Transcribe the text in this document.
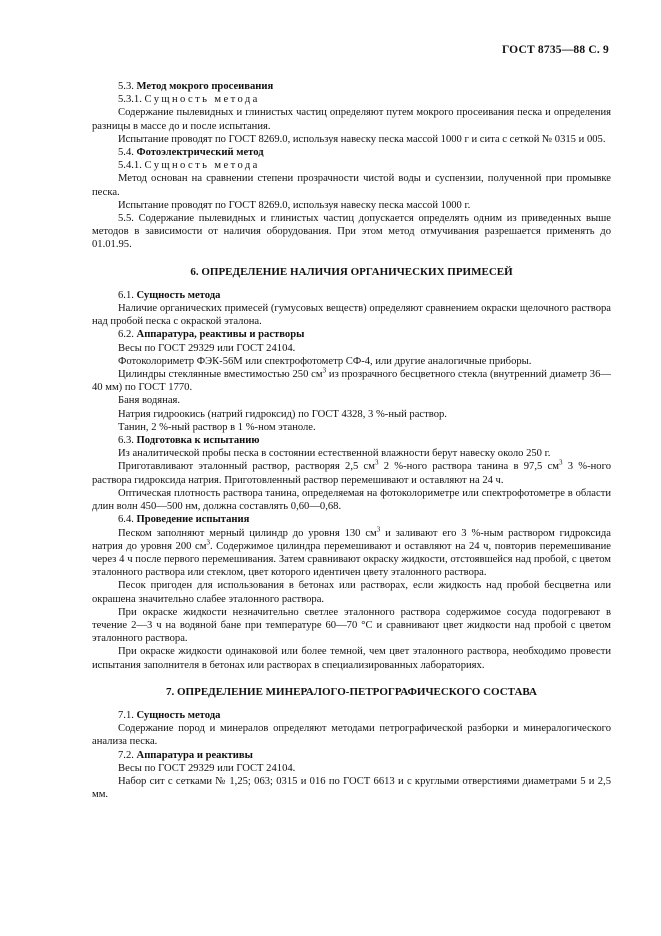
ГОСТ 8735—88 С. 9

5.3. Метод мокрого просеивания

5.3.1. Сущность метода

Содержание пылевидных и глинистых частиц определяют путем мокрого просеивания песка и определения разницы в массе до и после испытания.

Испытание проводят по ГОСТ 8269.0, используя навеску песка массой 1000 г и сита с сеткой № 0315 и 005.

5.4. Фотоэлектрический метод

5.4.1. Сущность метода

Метод основан на сравнении степени прозрачности чистой воды и суспензии, полученной при промывке песка.

Испытание проводят по ГОСТ 8269.0, используя навеску песка массой 1000 г.

5.5. Содержание пылевидных и глинистых частиц допускается определять одним из приведенных выше методов в зависимости от наличия оборудования. При этом метод отмучивания разрешается применять до 01.01.95.

6. ОПРЕДЕЛЕНИЕ НАЛИЧИЯ ОРГАНИЧЕСКИХ ПРИМЕСЕЙ

6.1. Сущность метода

Наличие органических примесей (гумусовых веществ) определяют сравнением окраски щелочного раствора над пробой песка с окраской эталона.

6.2. Аппаратура, реактивы и растворы

Весы по ГОСТ 29329 или ГОСТ 24104.

Фотоколориметр ФЭК-56М или спектрофотометр СФ-4, или другие аналогичные приборы.

Цилиндры стеклянные вместимостью 250 $см^3$ из прозрачного бесцветного стекла (внутренний диаметр 36—40 мм) по ГОСТ 1770.

Баня водяная.

Натрия гидроокись (натрий гидроксид) по ГОСТ 4328, 3 %-ный раствор.

Танин, 2 %-ный раствор в 1 %-ном этаноле.

6.3. Подготовка к испытанию

Из аналитической пробы песка в состоянии естественной влажности берут навеску около 250 г.

Приготавливают эталонный раствор, растворяя 2,5 $см^3$ 2 %-ного раствора танина в 97,5 $см^3$ 3 %-ного раствора гидроксида натрия. Приготовленный раствор перемешивают и оставляют на 24 ч.

Оптическая плотность раствора танина, определяемая на фотоколориметре или спектрофотометре в области длин волн 450—500 нм, должна составлять 0,60—0,68.

6.4. Проведение испытания

Песком заполняют мерный цилиндр до уровня 130 $см^3$ и заливают его 3 %-ным раствором гидроксида натрия до уровня 200 $см^3$. Содержимое цилиндра перемешивают и оставляют на 24 ч, повторив перемешивание через 4 ч после первого перемешивания. Затем сравнивают окраску жидкости, отстоявшейся над пробой, с цветом эталонного раствора или стеклом, цвет которого идентичен цвету эталонного раствора.

Песок пригоден для использования в бетонах или растворах, если жидкость над пробой бесцветна или окрашена значительно слабее эталонного раствора.

При окраске жидкости незначительно светлее эталонного раствора содержимое сосуда подогревают в течение 2—3 ч на водяной бане при температуре 60—70 °С и сравнивают цвет жидкости над пробой с цветом эталонного раствора.

При окраске жидкости одинаковой или более темной, чем цвет эталонного раствора, необходимо провести испытания заполнителя в бетонах или растворах в специализированных лабораториях.

7. ОПРЕДЕЛЕНИЕ МИНЕРАЛОГО-ПЕТРОГРАФИЧЕСКОГО СОСТАВА

7.1. Сущность метода

Содержание пород и минералов определяют методами петрографической разборки и минералогического анализа песка.

7.2. Аппаратура и реактивы

Весы по ГОСТ 29329 или ГОСТ 24104.

Набор сит с сетками № 1,25; 063; 0315 и 016 по ГОСТ 6613 и с круглыми отверстиями диаметрами 5 и 2,5 мм.
